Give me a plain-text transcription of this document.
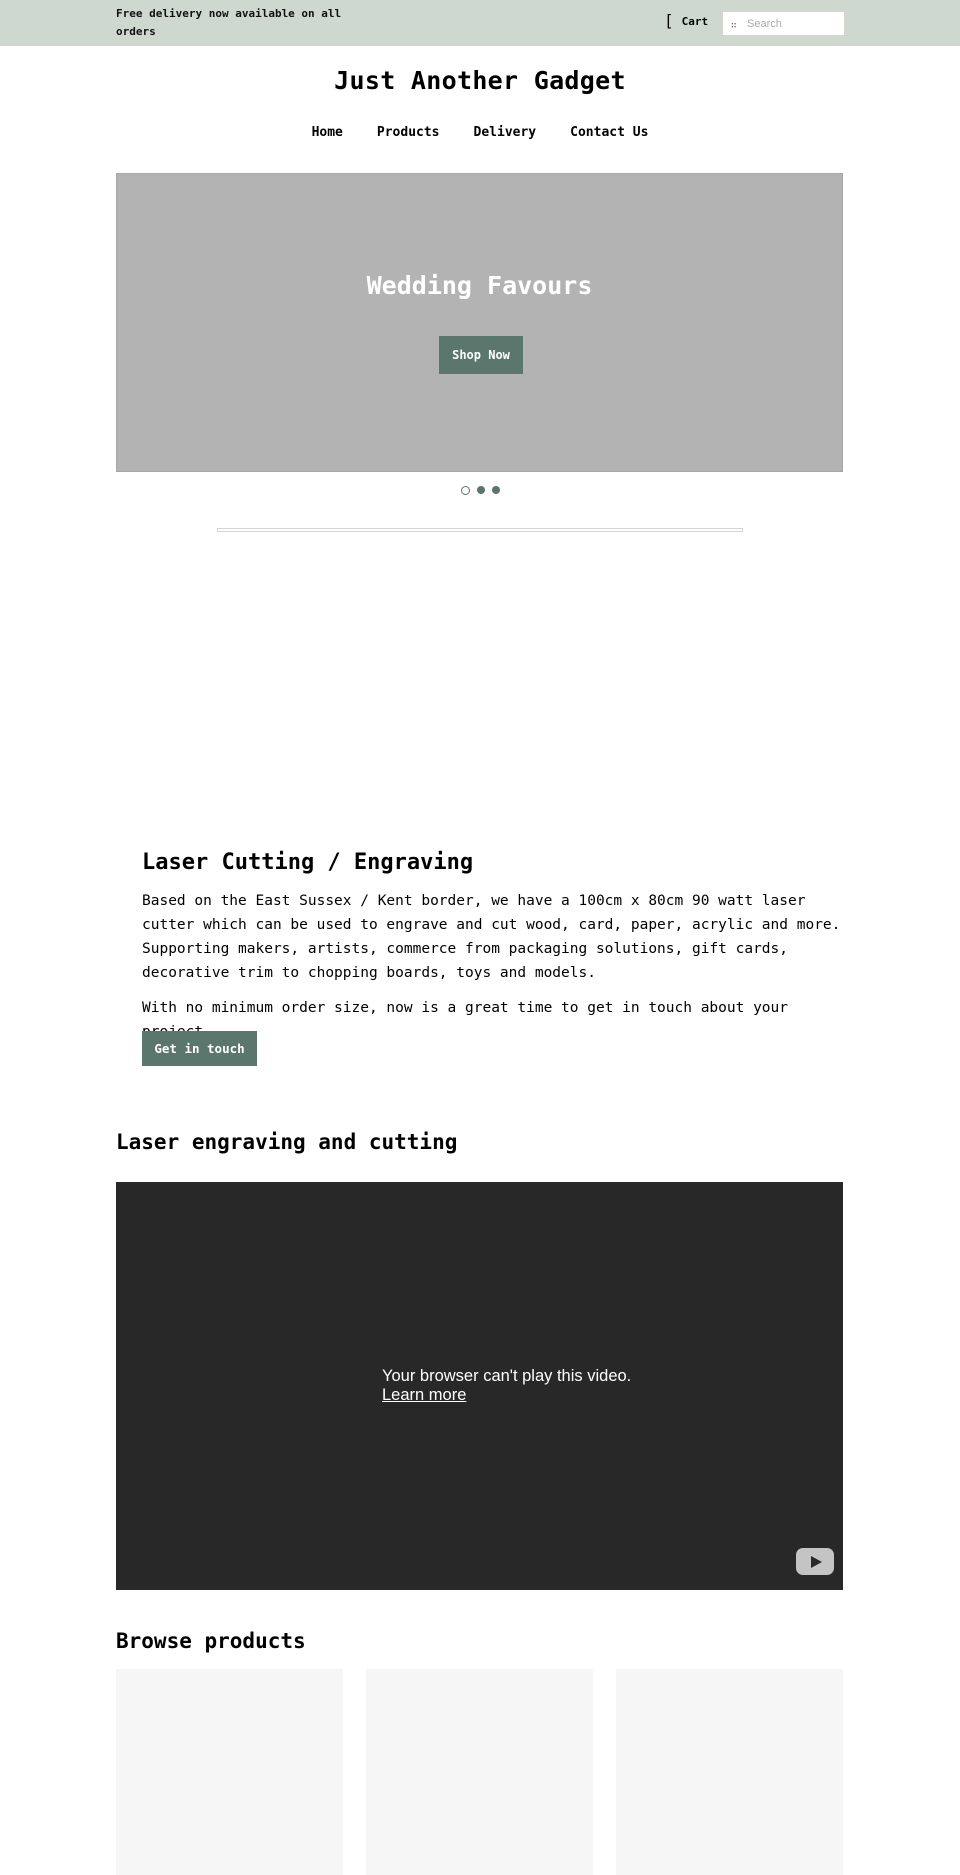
Free delivery now available on all orders
[ Cart	∷
Search
Just Another Gadget
Home	Products	Delivery	Contact Us
Wedding Favours
Shop Now
Laser Cutting / Engraving

Based on the East Sussex / Kent border, we have a 100cm x 80cm 90 watt laser cutter which can be used to engrave and cut wood, card, paper, acrylic and more. Supporting makers, artists, commerce from packaging solutions, gift cards, decorative trim to chopping boards, toys and models.

With no minimum order size, now is a great time to get in touch about your

Get in touch
Laser engraving and cutting
Your browser can't play this video.
Learn more
Browse products
